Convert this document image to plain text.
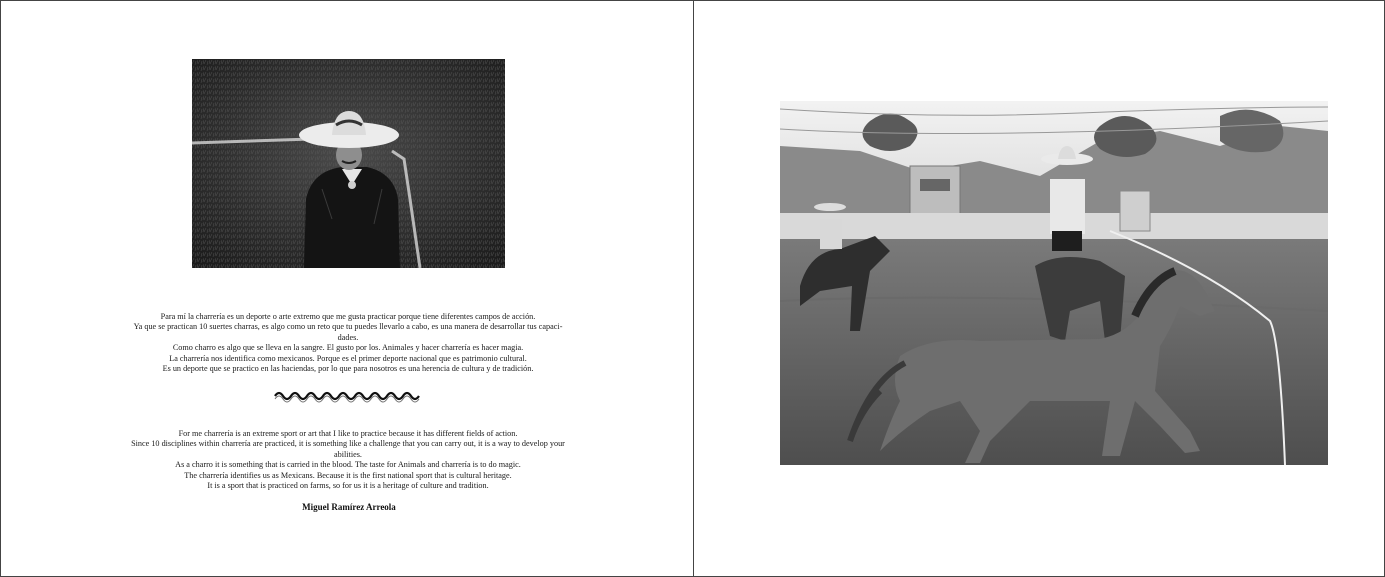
Para mí la charrería es un deporte o arte extremo que me gusta practicar porque tiene diferentes campos de acción.

Ya que se practican 10 suertes charras, es algo como un reto que tu puedes llevarlo a cabo, es una manera de desarrollar tus capaci-

dades.

Como charro es algo que se lleva en la sangre. El gusto por los. Animales y hacer charrería es hacer magia.

La charrería nos identifica como mexicanos. Porque es el primer deporte nacional que es patrimonio cultural.

Es un deporte que se practico en las haciendas, por lo que para nosotros es una herencia de cultura y de tradición.

For me charrería is an extreme sport or art that I like to practice because it has different fields of action.

Since 10 disciplines within charrería are practiced, it is something like a challenge that you can carry out, it is a way to develop your

abilities.

As a charro it is something that is carried in the blood. The taste for Animals and charrería is to do magic.

The charrería identifies us as Mexicans. Because it is the first national sport that is cultural heritage.

It is a sport that is practiced on farms, so for us it is a heritage of culture and tradition.

Miguel Ramírez Arreola
